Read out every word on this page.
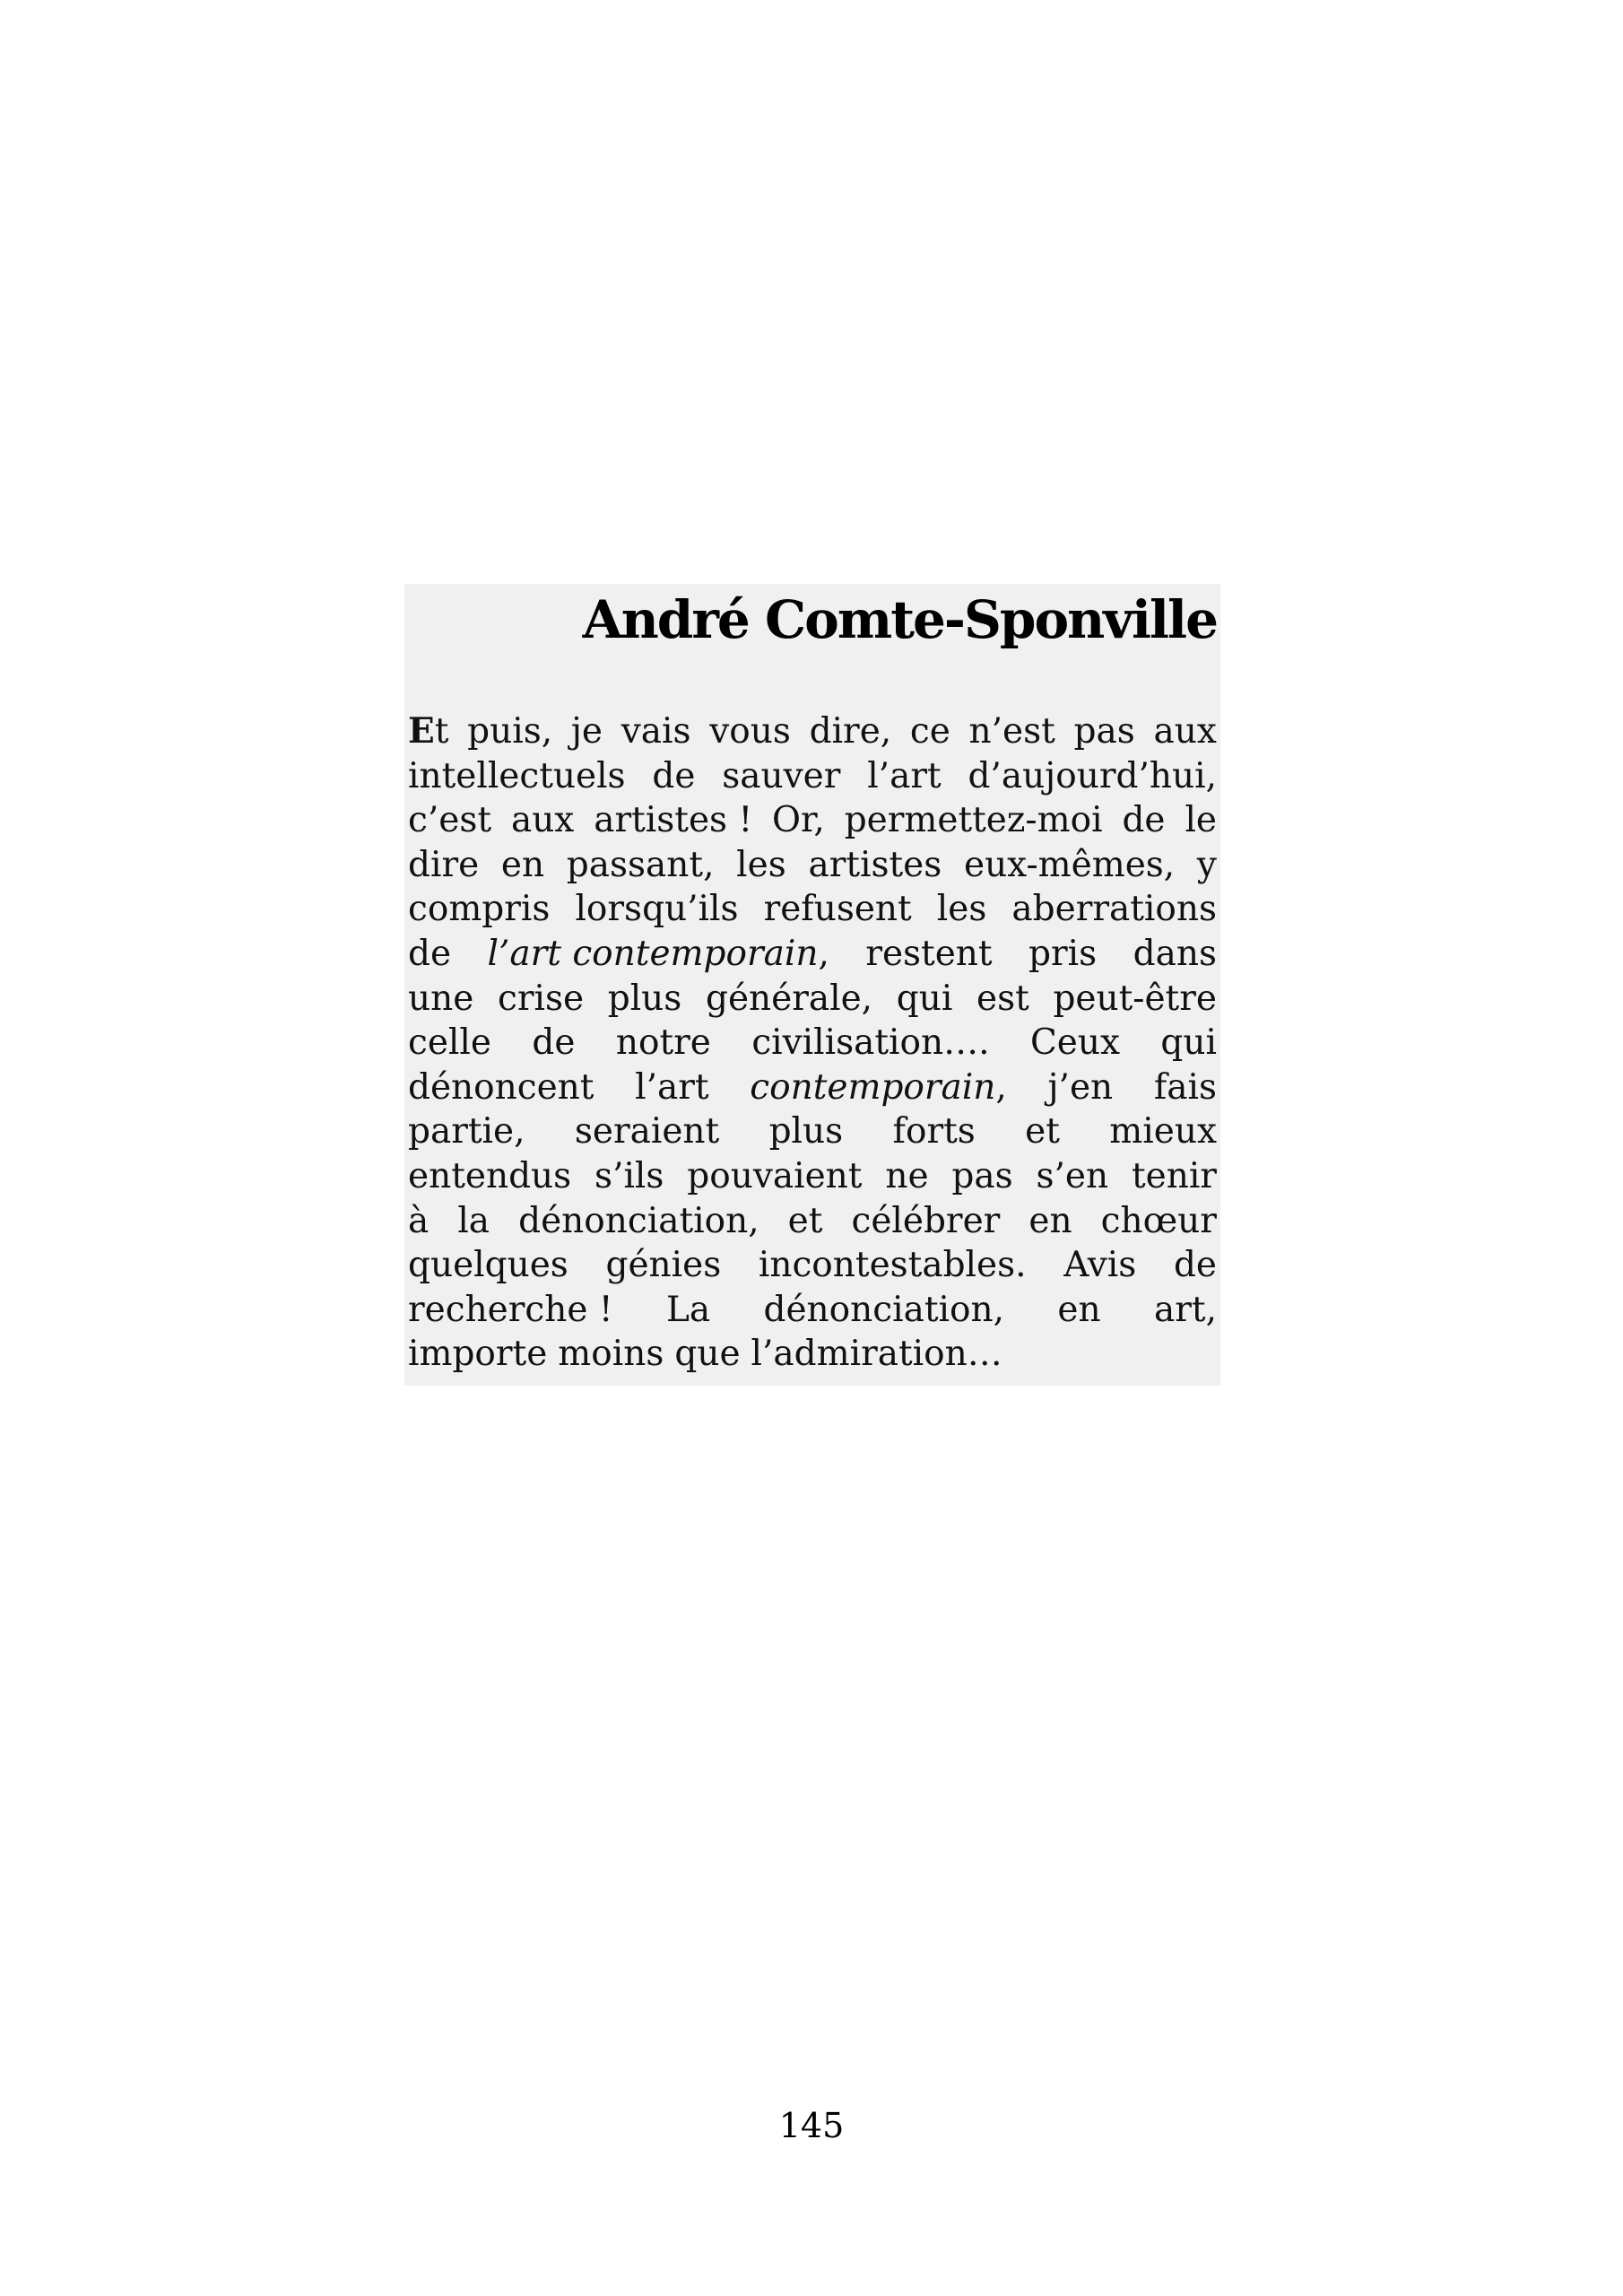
André Comte-Sponville
Et puis, je vais vous dire, ce n’est pas aux
intellectuels de sauver l’art d’aujourd’hui,
c’est aux artistes ! Or, permettez-moi de le
dire en passant, les artistes eux-mêmes, y
compris lorsqu’ils refusent les aberrations
de l’art contemporain, restent pris dans
une crise plus générale, qui est peut-être
celle de notre civilisation…. Ceux qui
dénoncent l’art contemporain, j’en fais
partie, seraient plus forts et mieux
entendus s’ils pouvaient ne pas s’en tenir
à la dénonciation, et célébrer en chœur
quelques génies incontestables. Avis de
recherche ! La dénonciation, en art,
importe moins que l’admiration…
145
